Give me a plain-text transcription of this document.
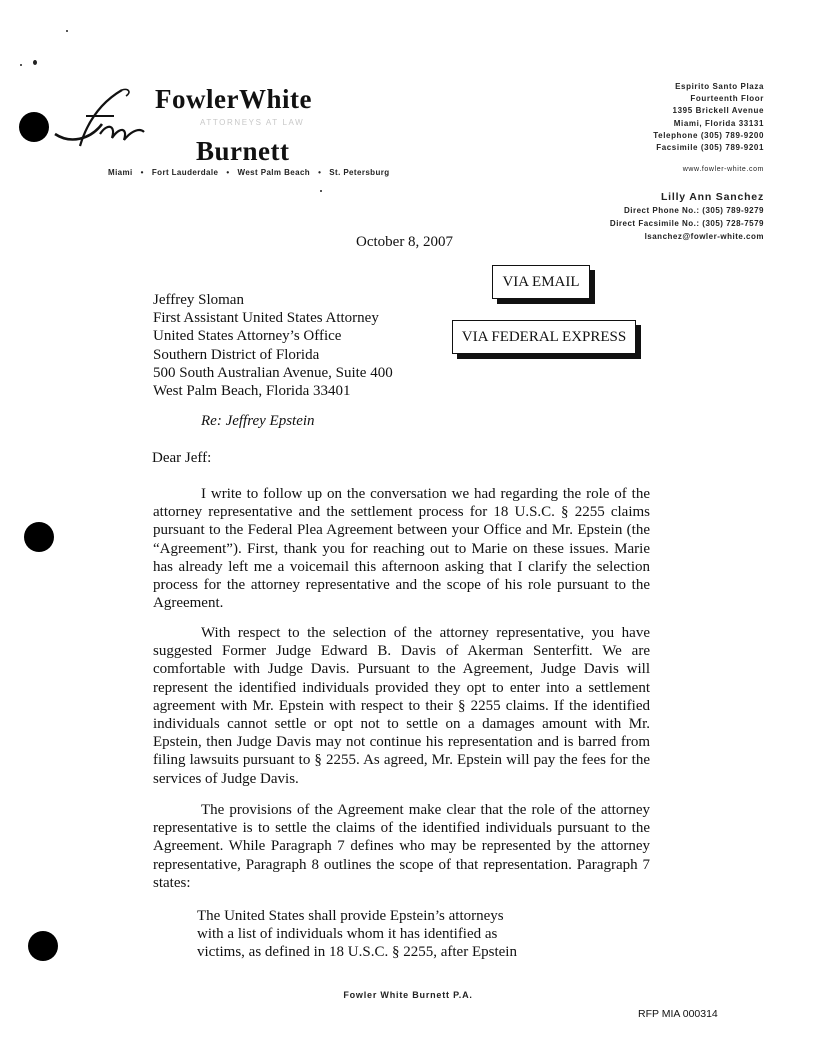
FowlerWhite
ATTORNEYS AT LAW
Burnett
Miami • Fort Lauderdale • West Palm Beach • St. Petersburg
Espirito Santo Plaza
Fourteenth Floor
1395 Brickell Avenue
Miami, Florida 33131
Telephone (305) 789-9200
Facsimile (305) 789-9201
www.fowler-white.com
Lilly Ann Sanchez
Direct Phone No.: (305) 789-9279
Direct Facsimile No.: (305) 728-7579
lsanchez@fowler-white.com
October 8, 2007
VIA EMAIL
VIA FEDERAL EXPRESS
Jeffrey Sloman
First Assistant United States Attorney
United States Attorney’s Office
Southern District of Florida
500 South Australian Avenue, Suite 400
West Palm Beach, Florida 33401
Re: Jeffrey Epstein
Dear Jeff:

I write to follow up on the conversation we had regarding the role of the attorney representative and the settlement process for 18 U.S.C. § 2255 claims pursuant to the Federal Plea Agreement between your Office and Mr. Epstein (the “Agreement”). First, thank you for reaching out to Marie on these issues. Marie has already left me a voicemail this afternoon asking that I clarify the selection process for the attorney representative and the scope of his role pursuant to the Agreement.

With respect to the selection of the attorney representative, you have suggested Former Judge Edward B. Davis of Akerman Senterfitt. We are comfortable with Judge Davis. Pursuant to the Agreement, Judge Davis will represent the identified individuals provided they opt to enter into a settlement agreement with Mr. Epstein with respect to their § 2255 claims. If the identified individuals cannot settle or opt not to settle on a damages amount with Mr. Epstein, then Judge Davis may not continue his representation and is barred from filing lawsuits pursuant to § 2255. As agreed, Mr. Epstein will pay the fees for the services of Judge Davis.

The provisions of the Agreement make clear that the role of the attorney representative is to settle the claims of the identified individuals pursuant to the Agreement. While Paragraph 7 defines who may be represented by the attorney representative, Paragraph 8 outlines the scope of that representation. Paragraph 7 states:

The United States shall provide Epstein’s attorneys
with a list of individuals whom it has identified as
victims, as defined in 18 U.S.C. § 2255, after Epstein
Fowler White Burnett P.A.
RFP MIA 000314
